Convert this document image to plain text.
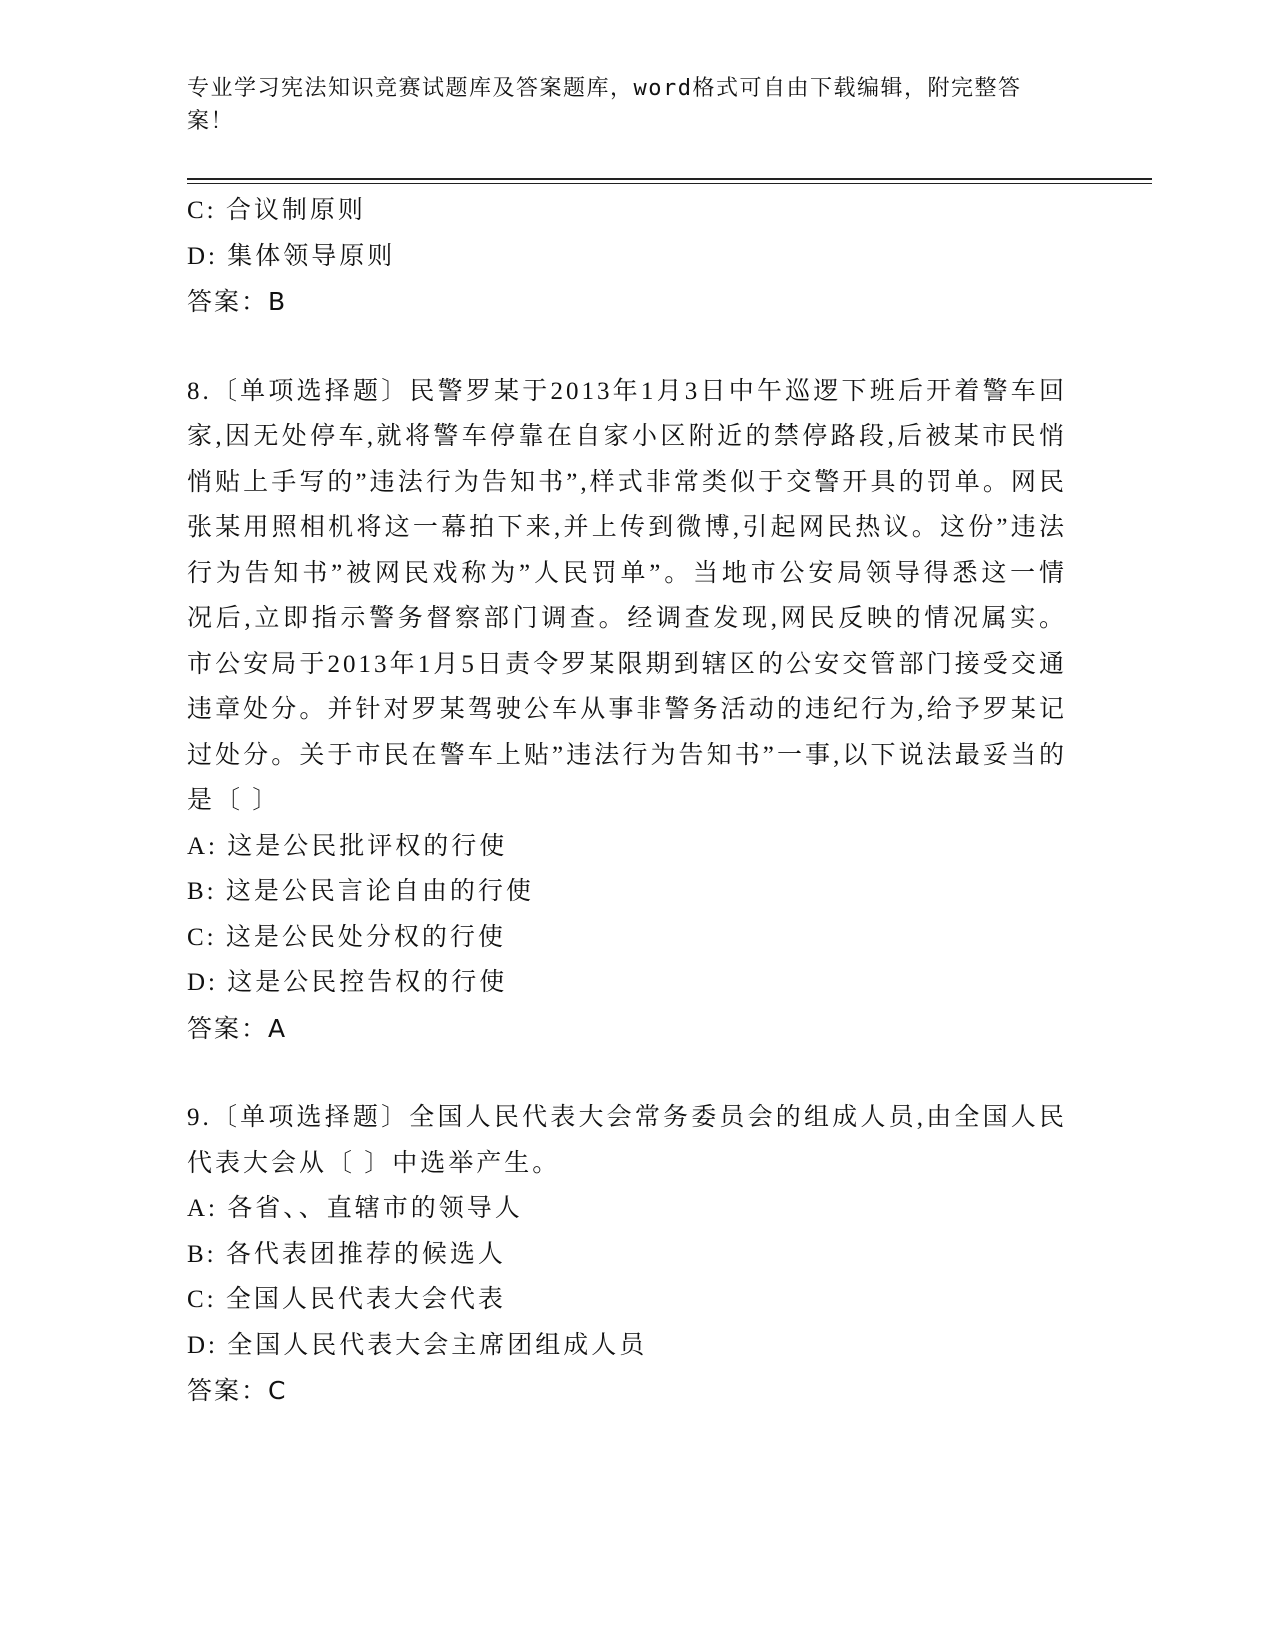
专业学习宪法知识竞赛试题库及答案题库，word格式可自由下载编辑，附完整答案！
C: 合议制原则
D: 集体领导原则
答案：B
8.〔单项选择题〕民警罗某于2013年1月3日中午巡逻下班后开着警车回家,因无处停车,就将警车停靠在自家小区附近的禁停路段,后被某市民悄悄贴上手写的”违法行为告知书”,样式非常类似于交警开具的罚单。网民张某用照相机将这一幕拍下来,并上传到微博,引起网民热议。这份”违法行为告知书”被网民戏称为”人民罚单”。当地市公安局领导得悉这一情况后,立即指示警务督察部门调查。经调查发现,网民反映的情况属实。市公安局于2013年1月5日责令罗某限期到辖区的公安交管部门接受交通违章处分。并针对罗某驾驶公车从事非警务活动的违纪行为,给予罗某记过处分。关于市民在警车上贴”违法行为告知书”一事,以下说法最妥当的是〔 〕
A: 这是公民批评权的行使
B: 这是公民言论自由的行使
C: 这是公民处分权的行使
D: 这是公民控告权的行使
答案：A
9.〔单项选择题〕全国人民代表大会常务委员会的组成人员,由全国人民代表大会从〔 〕中选举产生。
A: 各省、、直辖市的领导人
B: 各代表团推荐的候选人
C: 全国人民代表大会代表
D: 全国人民代表大会主席团组成人员
答案：C
